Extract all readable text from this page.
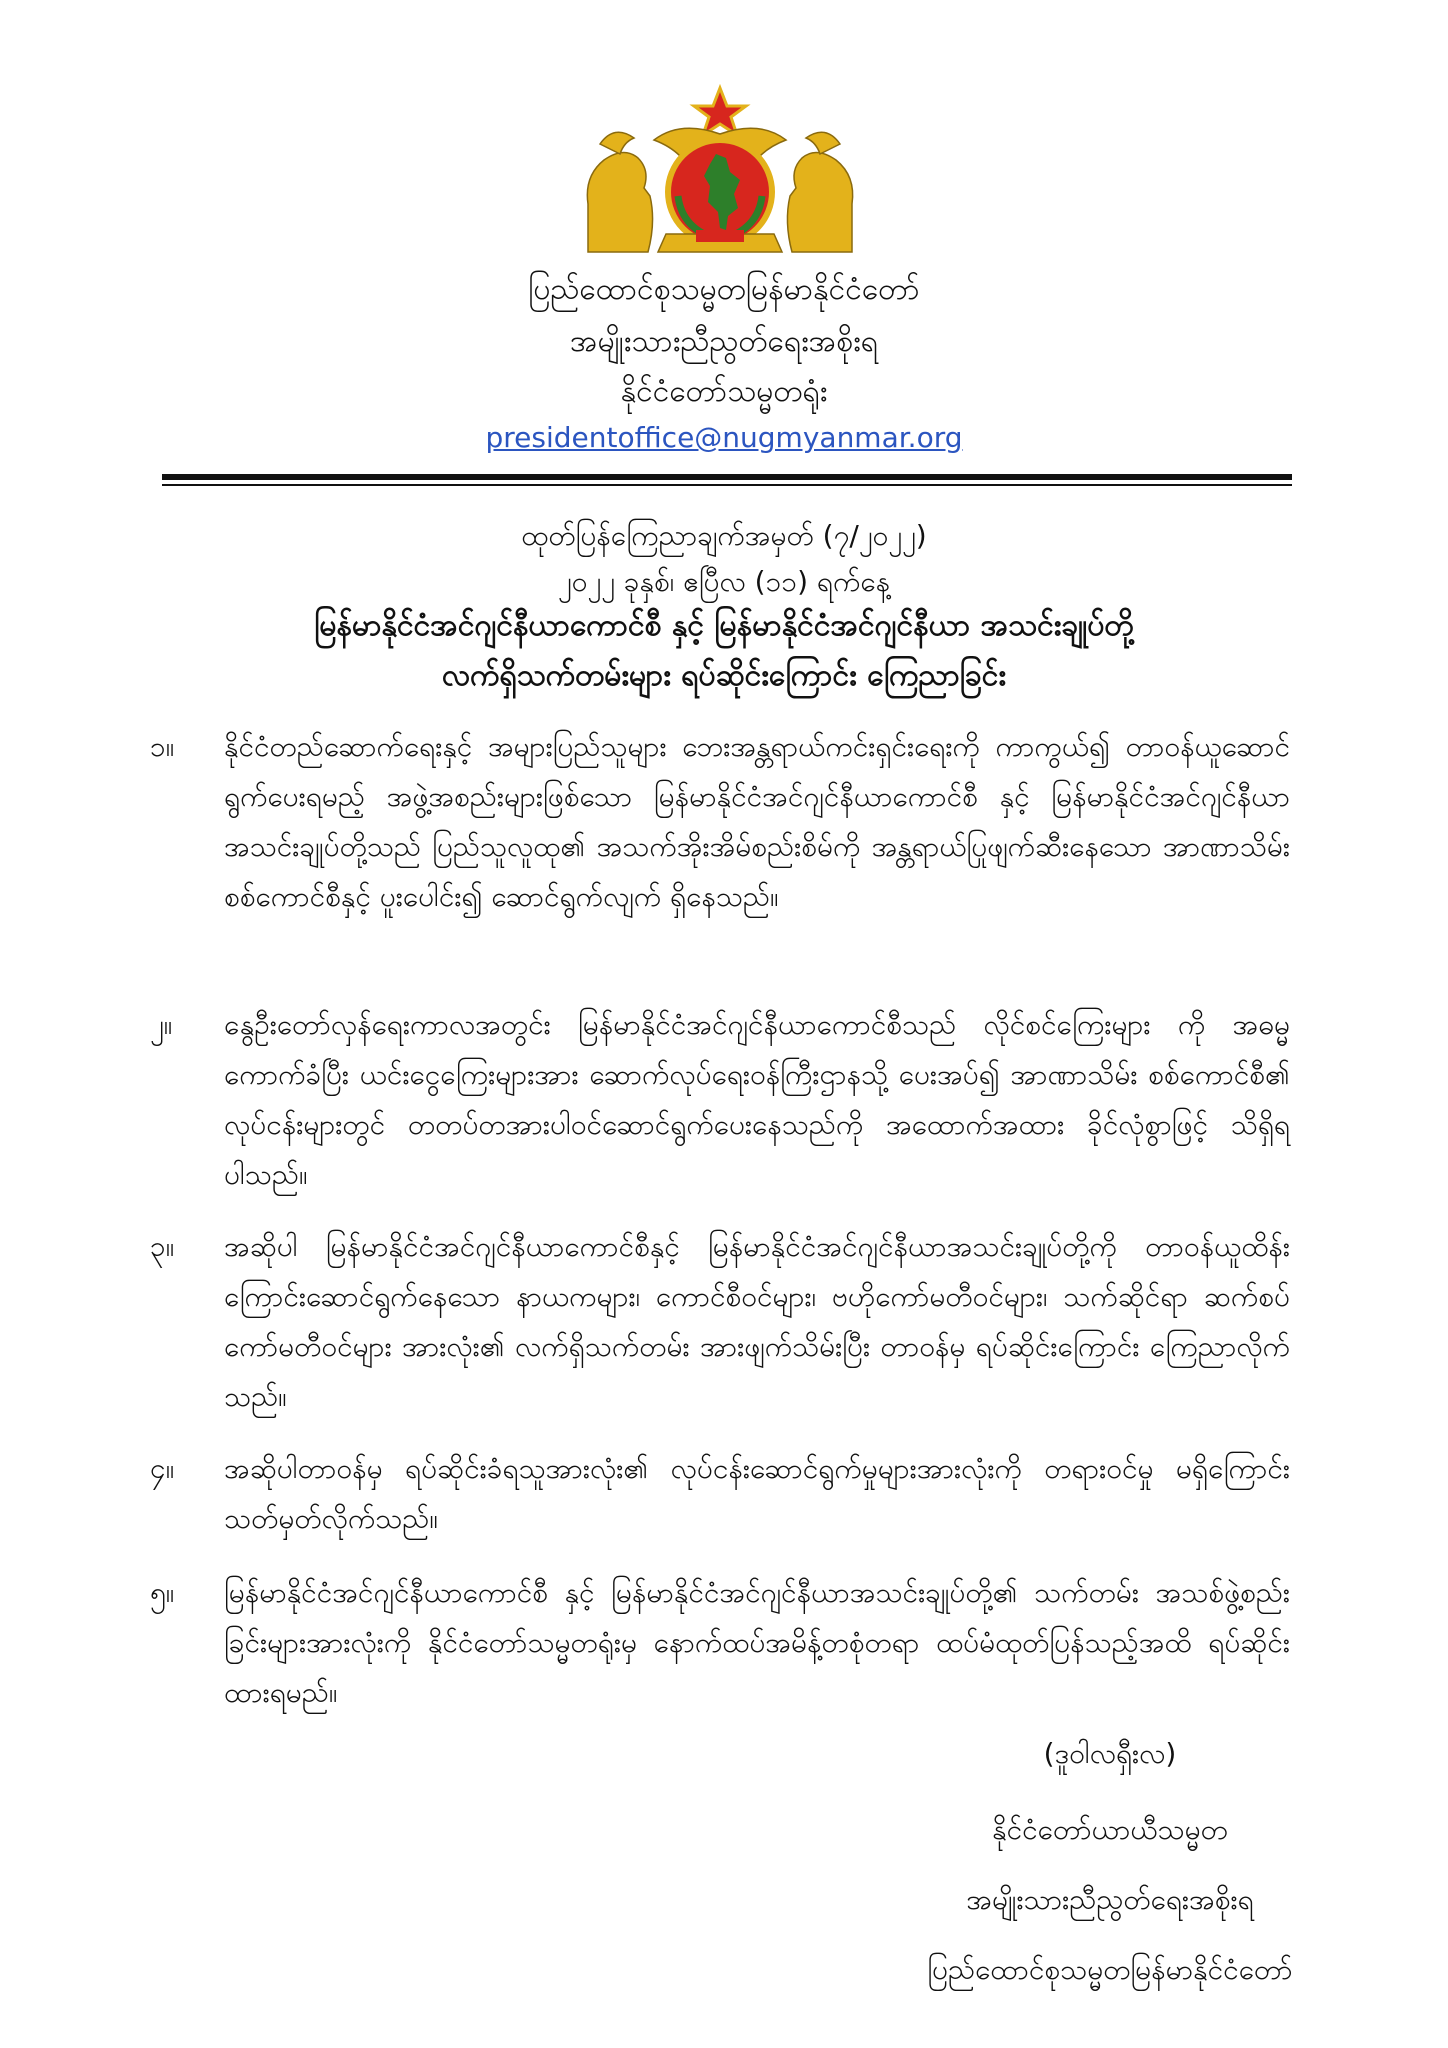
ပြည်ထောင်စုသမ္မတမြန်မာနိုင်ငံတော်
အမျိုးသားညီညွတ်ရေးအစိုးရ
နိုင်ငံတော်သမ္မတရုံး
presidentoffice@nugmyanmar.org
ထုတ်ပြန်ကြေညာချက်အမှတ် (၇/၂၀၂၂)
၂၀၂၂ ခုနှစ်၊ ဧပြီလ (၁၁) ရက်နေ့
မြန်မာနိုင်ငံအင်ဂျင်နီယာကောင်စီ နှင့် မြန်မာနိုင်ငံအင်ဂျင်နီယာ အသင်းချုပ်တို့
လက်ရှိသက်တမ်းများ ရပ်ဆိုင်းကြောင်း ကြေညာခြင်း
၁။	နိုင်ငံတည်ဆောက်ရေးနှင့် အများပြည်သူများ ဘေးအန္တရာယ်ကင်းရှင်းရေးကို ကာကွယ်၍ တာဝန်ယူဆောင်ရွက်ပေးရမည့် အဖွဲ့အစည်းများဖြစ်သော မြန်မာနိုင်ငံအင်ဂျင်နီယာကောင်စီ နှင့် မြန်မာနိုင်ငံအင်ဂျင်နီယာအသင်းချုပ်တို့သည် ပြည်သူလူထု၏ အသက်အိုးအိမ်စည်းစိမ်ကို အန္တရာယ်ပြုဖျက်ဆီးနေသော အာဏာသိမ်းစစ်ကောင်စီနှင့် ပူးပေါင်း၍ ဆောင်ရွက်လျက် ရှိနေသည်။
၂။	နွေဦးတော်လှန်ရေးကာလအတွင်း မြန်မာနိုင်ငံအင်ဂျင်နီယာကောင်စီသည် လိုင်စင်ကြေးများ ကို အဓမ္မကောက်ခံပြီး ယင်းငွေကြေးများအား ဆောက်လုပ်ရေးဝန်ကြီးဌာနသို့ ပေးအပ်၍ အာဏာသိမ်း စစ်ကောင်စီ၏ လုပ်ငန်းများတွင် တတပ်တအားပါဝင်ဆောင်ရွက်ပေးနေသည်ကို အထောက်အထား ခိုင်လုံစွာဖြင့် သိရှိရပါသည်။
၃။	အဆိုပါ မြန်မာနိုင်ငံအင်ဂျင်နီယာကောင်စီနှင့် မြန်မာနိုင်ငံအင်ဂျင်နီယာအသင်းချုပ်တို့ကို တာဝန်ယူထိန်းကြောင်းဆောင်ရွက်နေသော နာယကများ၊ ကောင်စီဝင်များ၊ ဗဟိုကော်မတီဝင်များ၊ သက်ဆိုင်ရာ ဆက်စပ်ကော်မတီဝင်များ အားလုံး၏ လက်ရှိသက်တမ်း အားဖျက်သိမ်းပြီး တာဝန်မှ ရပ်ဆိုင်းကြောင်း ကြေညာလိုက်သည်။
၄။	အဆိုပါတာဝန်မှ ရပ်ဆိုင်းခံရသူအားလုံး၏ လုပ်ငန်းဆောင်ရွက်မှုများအားလုံးကို တရားဝင်မှု မရှိကြောင်း သတ်မှတ်လိုက်သည်။
၅။	မြန်မာနိုင်ငံအင်ဂျင်နီယာကောင်စီ နှင့် မြန်မာနိုင်ငံအင်ဂျင်နီယာအသင်းချုပ်တို့၏ သက်တမ်း အသစ်ဖွဲ့စည်းခြင်းများအားလုံးကို နိုင်ငံတော်သမ္မတရုံးမှ နောက်ထပ်အမိန့်တစုံတရာ ထပ်မံထုတ်ပြန်သည့်အထိ ရပ်ဆိုင်းထားရမည်။
(ဒူဝါလရှီးလ)
နိုင်ငံတော်ယာယီသမ္မတ
အမျိုးသားညီညွတ်ရေးအစိုးရ
ပြည်ထောင်စုသမ္မတမြန်မာနိုင်ငံတော်
